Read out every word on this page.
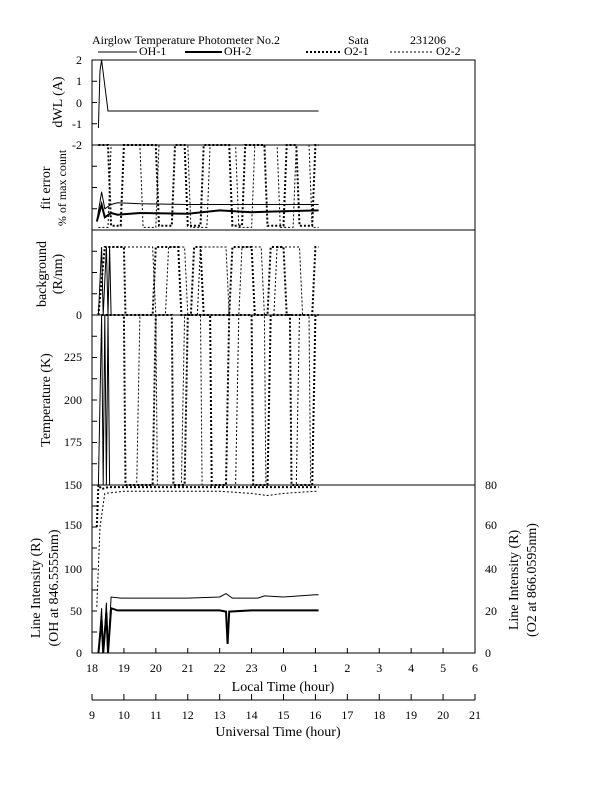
Airglow Temperature Photometer No.2	Sata	231206
OH-1	OH-2	O2-1	O2-2
2
1
0
-1
-2
0
225
200
175
150
150
100
50
0
80
60
40
20
0
dWL (A)
fit error % of max count
background (R/nm)
Temperature (K)
Line Intensity (R) (OH at 846.5555nm)	Line Intensity (R) (O2 at 866.0595nm)
Local Time (hour)
Universal Time (hour)
18 19 20 21 22 23 0 1 2 3 4 5 6
9 10 11 12 13 14 15 16 17 18 19 20 21
